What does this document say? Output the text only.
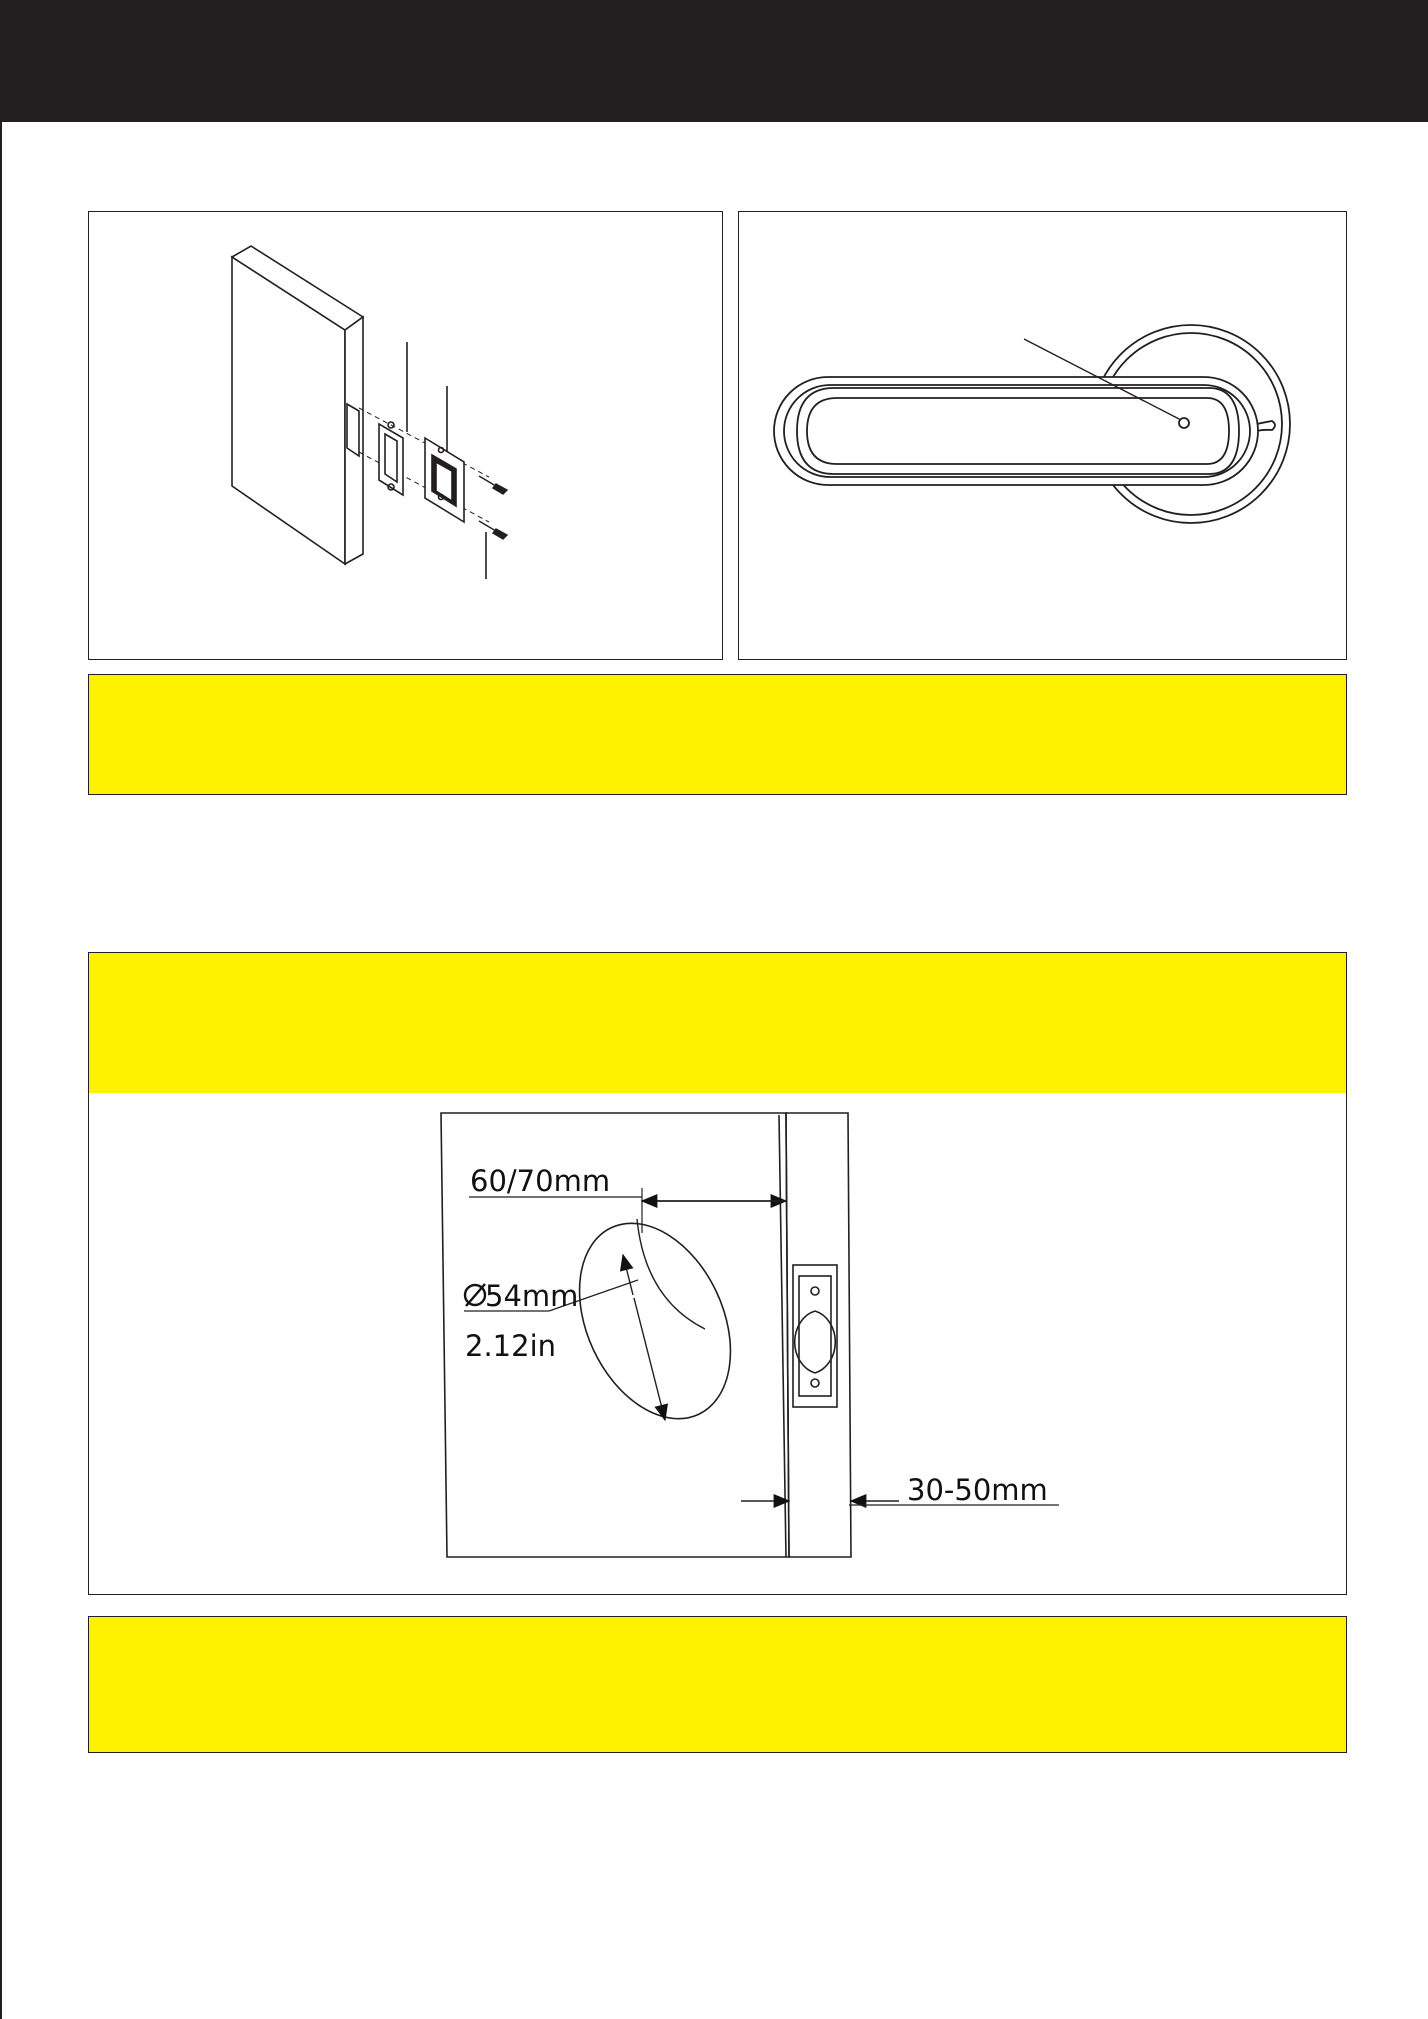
60/70mm
2.12in
54mm
30-50mm
